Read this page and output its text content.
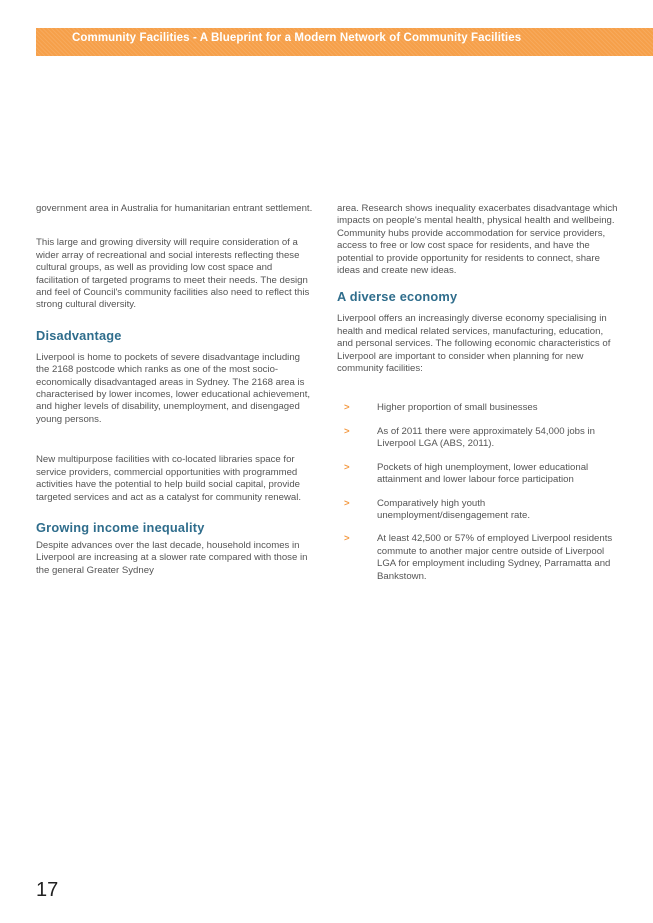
Community Facilities - A Blueprint for a Modern Network of Community Facilities

government area in Australia for humanitarian entrant settlement.

This large and growing diversity will require consideration of a wider array of recreational and social interests reflecting these cultural groups, as well as providing low cost space and facilitation of targeted programs to meet their needs. The design and feel of Council's community facilities also need to reflect this strong cultural diversity.

Disadvantage

Liverpool is home to pockets of severe disadvantage including the 2168 postcode which ranks as one of the most socio-economically disadvantaged areas in Sydney. The 2168 area is characterised by lower incomes, lower educational achievement, and higher levels of disability, unemployment, and disengaged young persons.

New multipurpose facilities with co-located libraries space for service providers, commercial opportunities with programmed activities have the potential to help build social capital, provide targeted services and act as a catalyst for community renewal.

Growing income inequality

Despite advances over the last decade, household incomes in Liverpool are increasing at a slower rate compared with those in the general Greater Sydney

area. Research shows inequality exacerbates disadvantage which impacts on people's mental health, physical health and wellbeing. Community hubs provide accommodation for service providers, access to free or low cost space for residents, and have the potential to provide opportunity for residents to connect, share ideas and create new ideas.

A diverse economy

Liverpool offers an increasingly diverse economy specialising in health and medical related services, manufacturing, education, and personal services. The following economic characteristics of Liverpool are important to consider when planning for new community facilities:

>	Higher proportion of small businesses
>	As of 2011 there were approximately 54,000 jobs in Liverpool LGA (ABS, 2011).
>	Pockets of high unemployment, lower educational attainment and lower labour force participation
>	Comparatively high youth unemployment/disengagement rate.
>	At least 42,500 or 57% of employed Liverpool residents commute to another major centre outside of Liverpool LGA for employment including Sydney, Parramatta and Bankstown.
17
